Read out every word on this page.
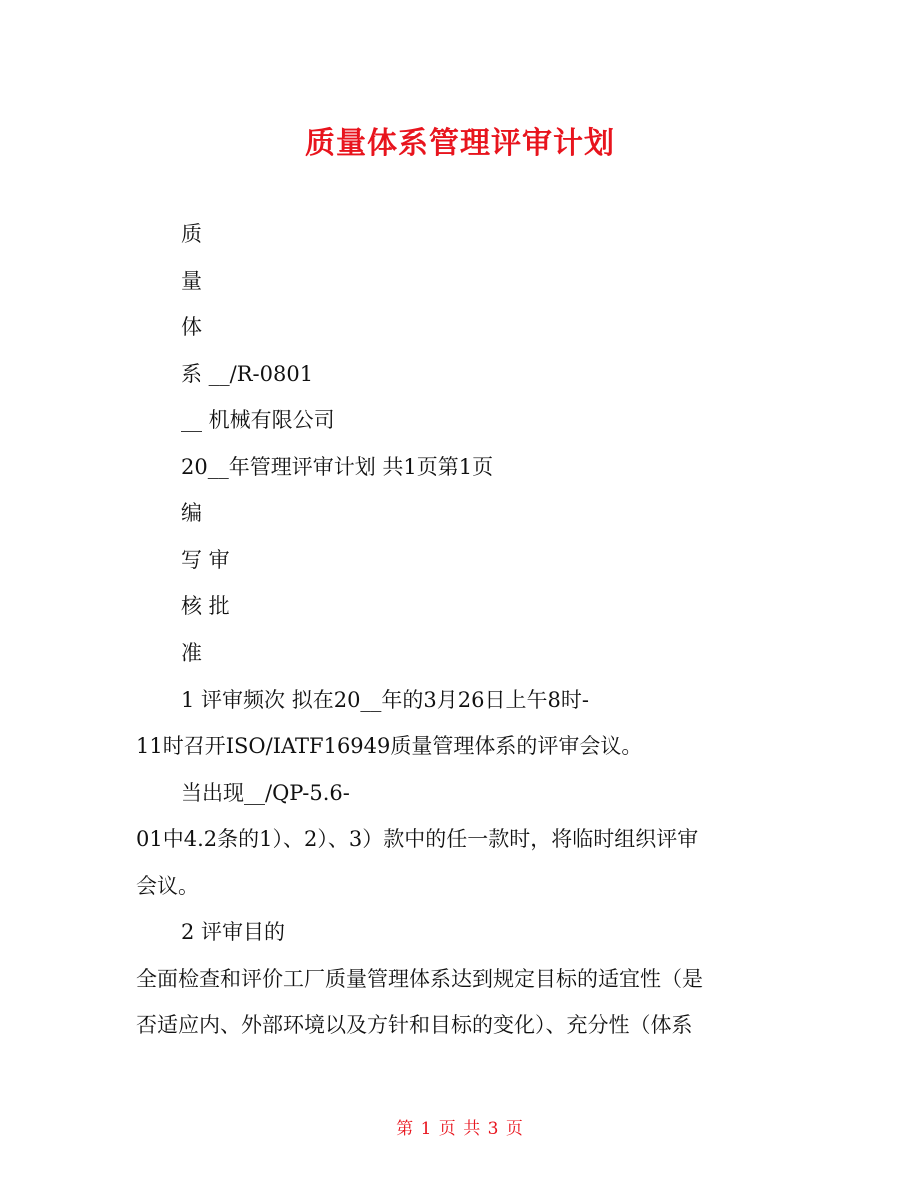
质量体系管理评审计划
质
量
体
系 __/R-0801
__ 机械有限公司
20__年管理评审计划 共1页第1页
编
写 审
核 批
准
1 评审频次 拟在20__年的3月26日上午8时-
11时召开ISO/IATF16949质量管理体系的评审会议。
当出现__/QP-5.6-
01中4.2条的1）、2）、3）款中的任一款时，将临时组织评审
会议。
2 评审目的
全面检查和评价工厂质量管理体系达到规定目标的适宜性（是
否适应内、外部环境以及方针和目标的变化）、充分性（体系
第 1 页 共 3 页
